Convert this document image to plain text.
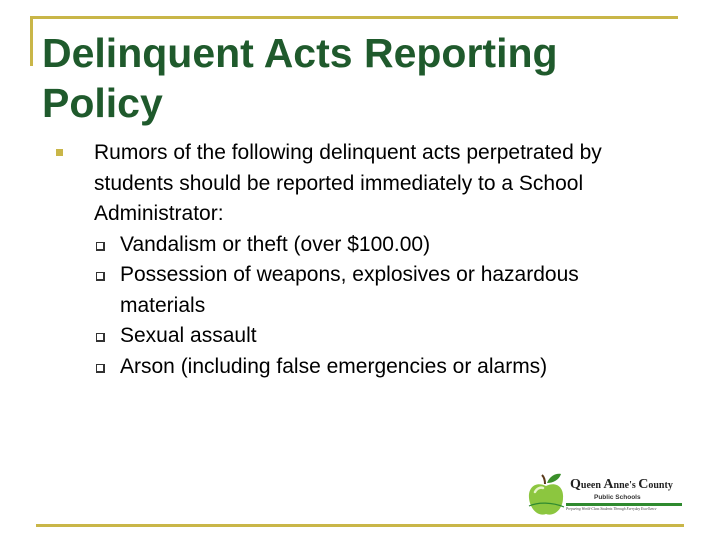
Delinquent Acts Reporting Policy
Rumors of the following delinquent acts perpetrated by students should be reported immediately to a School Administrator:
Vandalism or theft (over $100.00)
Possession of weapons, explosives or hazardous materials
Sexual assault
Arson (including false emergencies or alarms)
Queen Anne's County
Public Schools
Preparing World-Class Students Through Everyday Excellence
